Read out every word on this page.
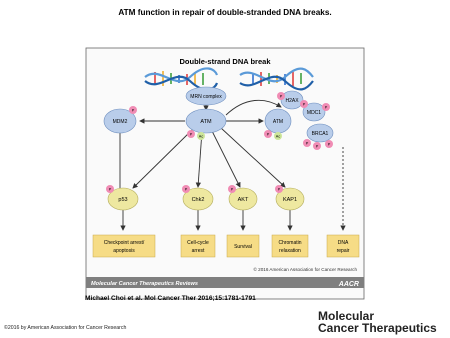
ATM function in repair of double-stranded DNA breaks.
Double-strand DNA break
MRN complex
MDM2	ATM	ATM
H2AX
MDC1
BRCA1
p53	Chk2	AKT	KAP1
P
P Ac	P Ac
P
P
P
P
P P
P	P	P	P
Checkpoint arrest/
apoptosis
Cell-cycle
arrest
Survival
Chromatin
relaxation
DNA
repair
© 2016 American Association for Cancer Research
Molecular Cancer Therapeutics Reviews	AACR
Michael Choi et al. Mol Cancer Ther 2016;15:1781-1791
©2016 by American Association for Cancer Research
Molecular
Cancer Therapeutics
